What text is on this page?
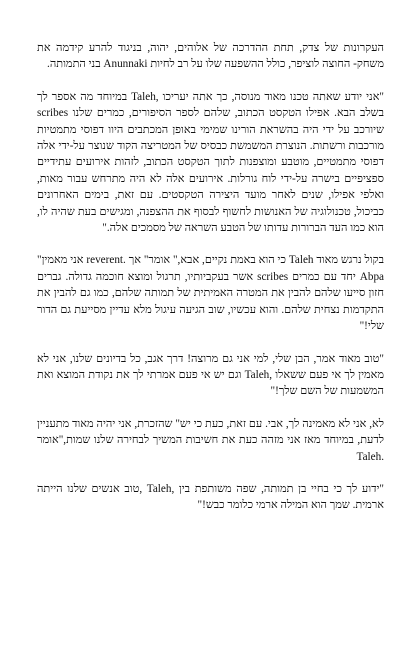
העקרונות של צדק, תחת ההדרכה של אלוהים, יהוה, בניגוד להרע קידמה את משחק- החוצה לוציפר, כולל ההשפעה שלו על רב לחיות Anunnaki בני התמותה.

"אני יודע שאתה טכנו מאוד מנוסה, כך אתה יעריכו ,Taleh במיוחד מה אספר לך בשלב הבא. אפילו הטקסט הכתוב, שלהם לספר הסיפורים, כמרים שלנו scribes שיורכב על ידי היה בהשראת הורינו שמימי באופן המכתבים היוו דפוסי מתמטיות מורכבות ורשתות. הנוצרת המשמשת כבסיס של המטריצה הקוד שנוצר על-ידי אלה דפוסי מתמטיים, מוטבע ומוצפנות לתוך הטקסט הכתוב, לזהות אירועים עתידיים ספציפיים בישרה על-ידי לוח גורלות. אירועים אלה לא היה מתרחש עבור מאות, ואלפי אפילו, שנים לאחר מועד היצירה הטקסטים. עם זאת, בימים האחרונים כביכול, טכנולוגיה של האנושות לחשוף לבסוף את ההצפנה, ומגישים בעת שהיה לו, הוא כמו העד הברורות עדותו של הטבע השראה של מסמכים אלה."

בקול נרגש מאוד Taleh כי הוא באמת נקיים, אבא," אומר" אך .reverent אני מאמין" Abpa יחד עם כמרים scribes אשר בעקביותיו, תרגול ומוצא חוכמה גדולה. גברים חזון סייעו שלהם להבין את המטרה האמיתית של תמותה שלהם, כמו גם להבין את התקדמות נצחית שלהם. והוא עכשיו, שוב הגיעה עיגול מלא עדיין מסייעת גם הדור שלי!"

"טוב מאוד אמר, הבן שלי, למי אני גם מרוצה! דרך אגב, כל בדיונים שלנו, אני לא מאמין לך אי פעם ששאלו ,Taleh וגם יש אי פעם אמרתי לך את נקודת המוצא ואת המשמעות של השם שלך!"

לא, אני לא מאמינה לך, אבי. עם זאת, כעת כי יש" שהזכרת, אני יהיה מאוד מתעניין לדעת, במיוחד מאז אני מזהה כעת את חשיבות המשיך לבחירה שלנו שמות,"אומר .Taleh

"ידוע לך כי בחיי בן תמותה, שפה משותפת בין ,Taleh ,טוב אנשים שלנו הייתה ארמית. שמך הוא המילה ארמי כלומר כבש!"
